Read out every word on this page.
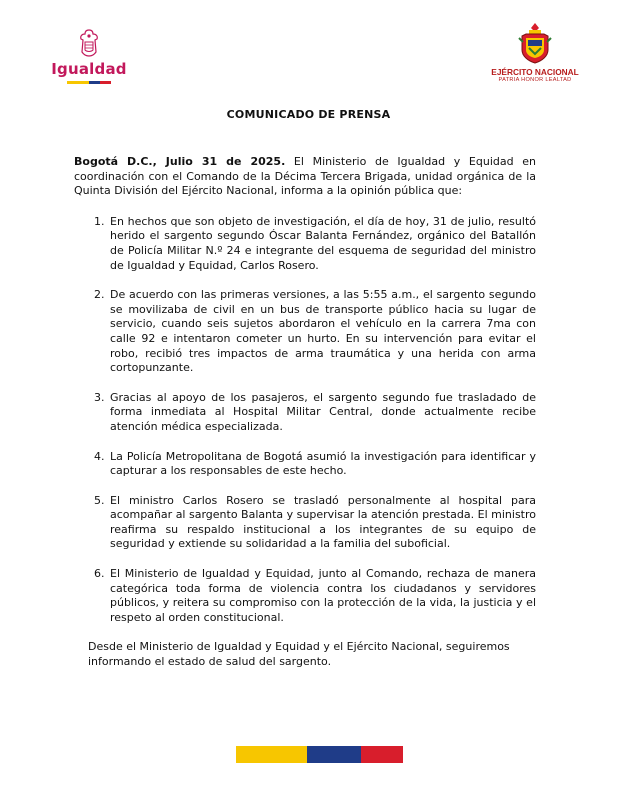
Igualdad	EJÉRCITO NACIONAL
PATRIA HONOR LEALTAD
COMUNICADO DE PRENSA

Bogotá D.C., Julio 31 de 2025. El Ministerio de Igualdad y Equidad en coordinación con el Comando de la Décima Tercera Brigada, unidad orgánica de la Quinta División del Ejército Nacional, informa a la opinión pública que:

1. En hechos que son objeto de investigación, el día de hoy, 31 de julio, resultó herido el sargento segundo Óscar Balanta Fernández, orgánico del Batallón de Policía Militar N.º 24 e integrante del esquema de seguridad del ministro de Igualdad y Equidad, Carlos Rosero.
2. De acuerdo con las primeras versiones, a las 5:55 a.m., el sargento segundo se movilizaba de civil en un bus de transporte público hacia su lugar de servicio, cuando seis sujetos abordaron el vehículo en la carrera 7ma con calle 92 e intentaron cometer un hurto. En su intervención para evitar el robo, recibió tres impactos de arma traumática y una herida con arma cortopunzante.
3. Gracias al apoyo de los pasajeros, el sargento segundo fue trasladado de forma inmediata al Hospital Militar Central, donde actualmente recibe atención médica especializada.
4. La Policía Metropolitana de Bogotá asumió la investigación para identificar y capturar a los responsables de este hecho.
5. El ministro Carlos Rosero se trasladó personalmente al hospital para acompañar al sargento Balanta y supervisar la atención prestada. El ministro reafirma su respaldo institucional a los integrantes de su equipo de seguridad y extiende su solidaridad a la familia del suboficial.
6. El Ministerio de Igualdad y Equidad, junto al Comando, rechaza de manera categórica toda forma de violencia contra los ciudadanos y servidores públicos, y reitera su compromiso con la protección de la vida, la justicia y el respeto al orden constitucional.

Desde el Ministerio de Igualdad y Equidad y el Ejército Nacional, seguiremos informando el estado de salud del sargento.
